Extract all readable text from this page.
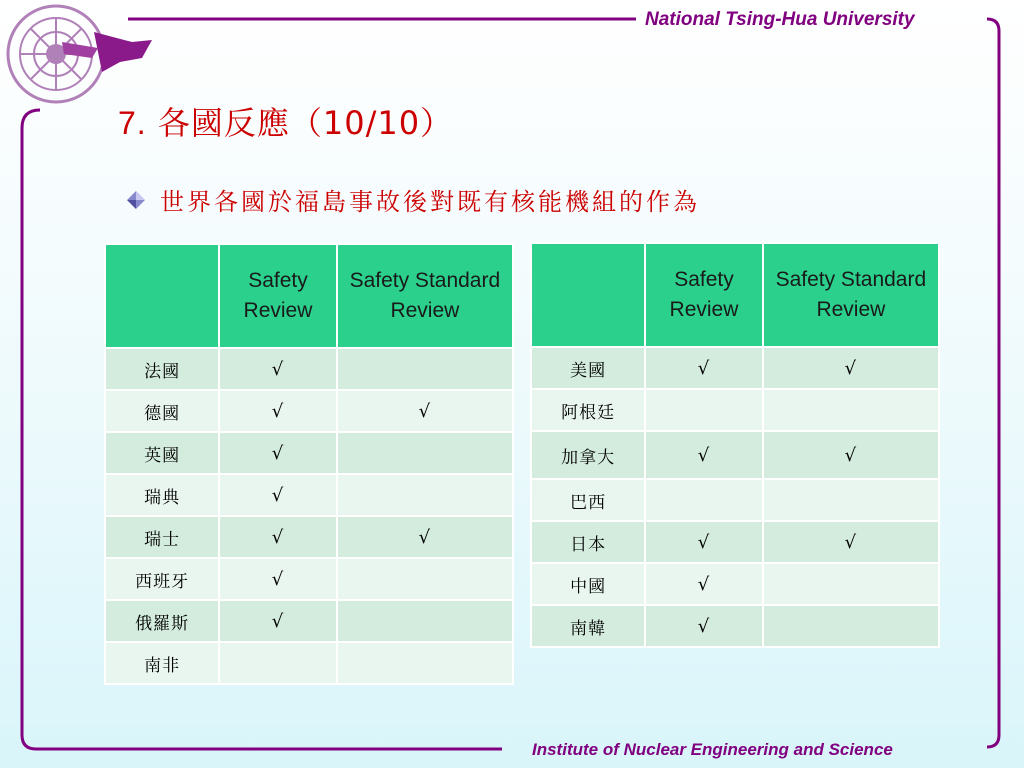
National Tsing-Hua University
7. 各國反應（10/10）
世界各國於福島事故後對既有核能機組的作為
	Safety Review	Safety Standard Review
法國	√	
德國	√	√
英國	√	
瑞典	√	
瑞士	√	√
西班牙	√	
俄羅斯	√	
南非		
	Safety Review	Safety Standard Review
美國	√	√
阿根廷		
加拿大	√	√
巴西		
日本	√	√
中國	√	
南韓	√	
Institute of Nuclear Engineering and Science
